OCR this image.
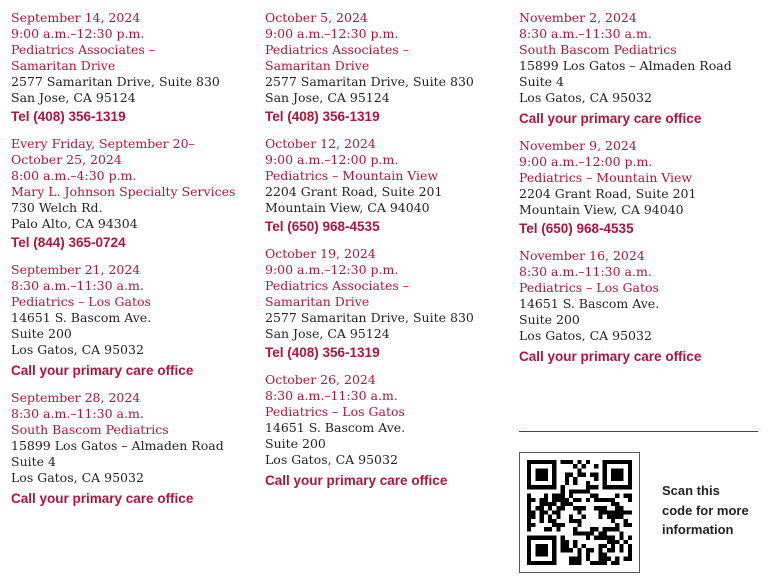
September 14, 2024
9:00 a.m.–12:30 p.m.
Pediatrics Associates –
Samaritan Drive
2577 Samaritan Drive, Suite 830
San Jose, CA 95124
Tel (408) 356-1319
Every Friday, September 20–
October 25, 2024
8:00 a.m.–4:30 p.m.
Mary L. Johnson Specialty Services
730 Welch Rd.
Palo Alto, CA 94304
Tel (844) 365-0724
September 21, 2024
8:30 a.m.–11:30 a.m.
Pediatrics – Los Gatos
14651 S. Bascom Ave.
Suite 200
Los Gatos, CA 95032
Call your primary care office
September 28, 2024
8:30 a.m.–11:30 a.m.
South Bascom Pediatrics
15899 Los Gatos – Almaden Road
Suite 4
Los Gatos, CA 95032
Call your primary care office
October 5, 2024
9:00 a.m.–12:30 p.m.
Pediatrics Associates –
Samaritan Drive
2577 Samaritan Drive, Suite 830
San Jose, CA 95124
Tel (408) 356-1319
October 12, 2024
9:00 a.m.–12:00 p.m.
Pediatrics – Mountain View
2204 Grant Road, Suite 201
Mountain View, CA 94040
Tel (650) 968-4535
October 19, 2024
9:00 a.m.–12:30 p.m.
Pediatrics Associates –
Samaritan Drive
2577 Samaritan Drive, Suite 830
San Jose, CA 95124
Tel (408) 356-1319
October 26, 2024
8:30 a.m.–11:30 a.m.
Pediatrics – Los Gatos
14651 S. Bascom Ave.
Suite 200
Los Gatos, CA 95032
Call your primary care office
November 2, 2024
8:30 a.m.–11:30 a.m.
South Bascom Pediatrics
15899 Los Gatos – Almaden Road
Suite 4
Los Gatos, CA 95032
Call your primary care office
November 9, 2024
9:00 a.m.–12:00 p.m.
Pediatrics – Mountain View
2204 Grant Road, Suite 201
Mountain View, CA 94040
Tel (650) 968-4535
November 16, 2024
8:30 a.m.–11:30 a.m.
Pediatrics – Los Gatos
14651 S. Bascom Ave.
Suite 200
Los Gatos, CA 95032
Call your primary care office
Scan this
code for more
information
